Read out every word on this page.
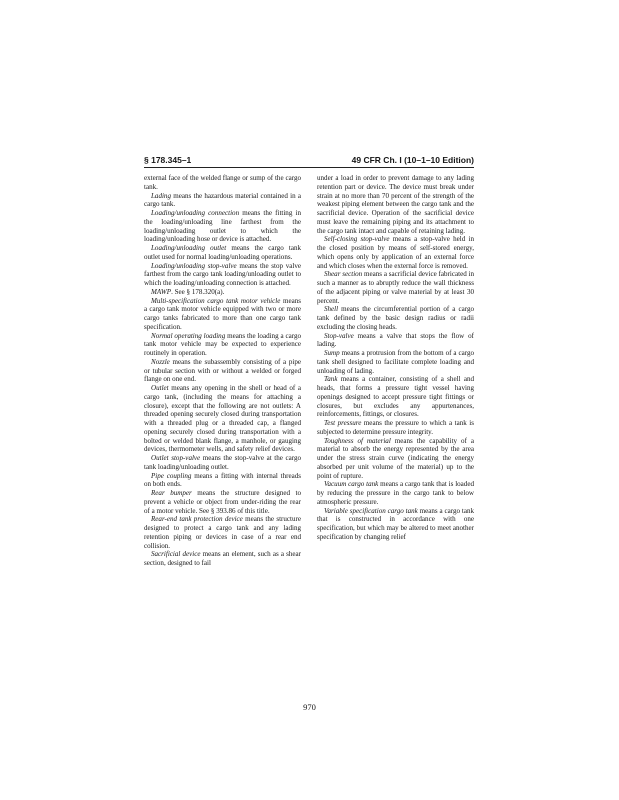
§ 178.345–1	49 CFR Ch. I (10–1–10 Edition)

external face of the welded flange or sump of the cargo tank.

Lading means the hazardous material contained in a cargo tank.

Loading/unloading connection means the fitting in the loading/unloading line farthest from the loading/unloading outlet to which the loading/unloading hose or device is attached.

Loading/unloading outlet means the cargo tank outlet used for normal loading/unloading operations.

Loading/unloading stop-valve means the stop valve farthest from the cargo tank loading/unloading outlet to which the loading/unloading connection is attached.

MAWP. See § 178.320(a).

Multi-specification cargo tank motor vehicle means a cargo tank motor vehicle equipped with two or more cargo tanks fabricated to more than one cargo tank specification.

Normal operating loading means the loading a cargo tank motor vehicle may be expected to experience routinely in operation.

Nozzle means the subassembly consisting of a pipe or tubular section with or without a welded or forged flange on one end.

Outlet means any opening in the shell or head of a cargo tank, (including the means for attaching a closure), except that the following are not outlets: A threaded opening securely closed during transportation with a threaded plug or a threaded cap, a flanged opening securely closed during transportation with a bolted or welded blank flange, a manhole, or gauging devices, thermometer wells, and safety relief devices.

Outlet stop-valve means the stop-valve at the cargo tank loading/unloading outlet.

Pipe coupling means a fitting with internal threads on both ends.

Rear bumper means the structure designed to prevent a vehicle or object from under-riding the rear of a motor vehicle. See § 393.86 of this title.

Rear-end tank protection device means the structure designed to protect a cargo tank and any lading retention piping or devices in case of a rear end collision.

Sacrificial device means an element, such as a shear section, designed to fail

under a load in order to prevent damage to any lading retention part or device. The device must break under strain at no more than 70 percent of the strength of the weakest piping element between the cargo tank and the sacrificial device. Operation of the sacrificial device must leave the remaining piping and its attachment to the cargo tank intact and capable of retaining lading.

Self-closing stop-valve means a stop-valve held in the closed position by means of self-stored energy, which opens only by application of an external force and which closes when the external force is removed.

Shear section means a sacrificial device fabricated in such a manner as to abruptly reduce the wall thickness of the adjacent piping or valve material by at least 30 percent.

Shell means the circumferential portion of a cargo tank defined by the basic design radius or radii excluding the closing heads.

Stop-valve means a valve that stops the flow of lading.

Sump means a protrusion from the bottom of a cargo tank shell designed to facilitate complete loading and unloading of lading.

Tank means a container, consisting of a shell and heads, that forms a pressure tight vessel having openings designed to accept pressure tight fittings or closures, but excludes any appurtenances, reinforcements, fittings, or closures.

Test pressure means the pressure to which a tank is subjected to determine pressure integrity.

Toughness of material means the capability of a material to absorb the energy represented by the area under the stress strain curve (indicating the energy absorbed per unit volume of the material) up to the point of rupture.

Vacuum cargo tank means a cargo tank that is loaded by reducing the pressure in the cargo tank to below atmospheric pressure.

Variable specification cargo tank means a cargo tank that is constructed in accordance with one specification, but which may be altered to meet another specification by changing relief

970
